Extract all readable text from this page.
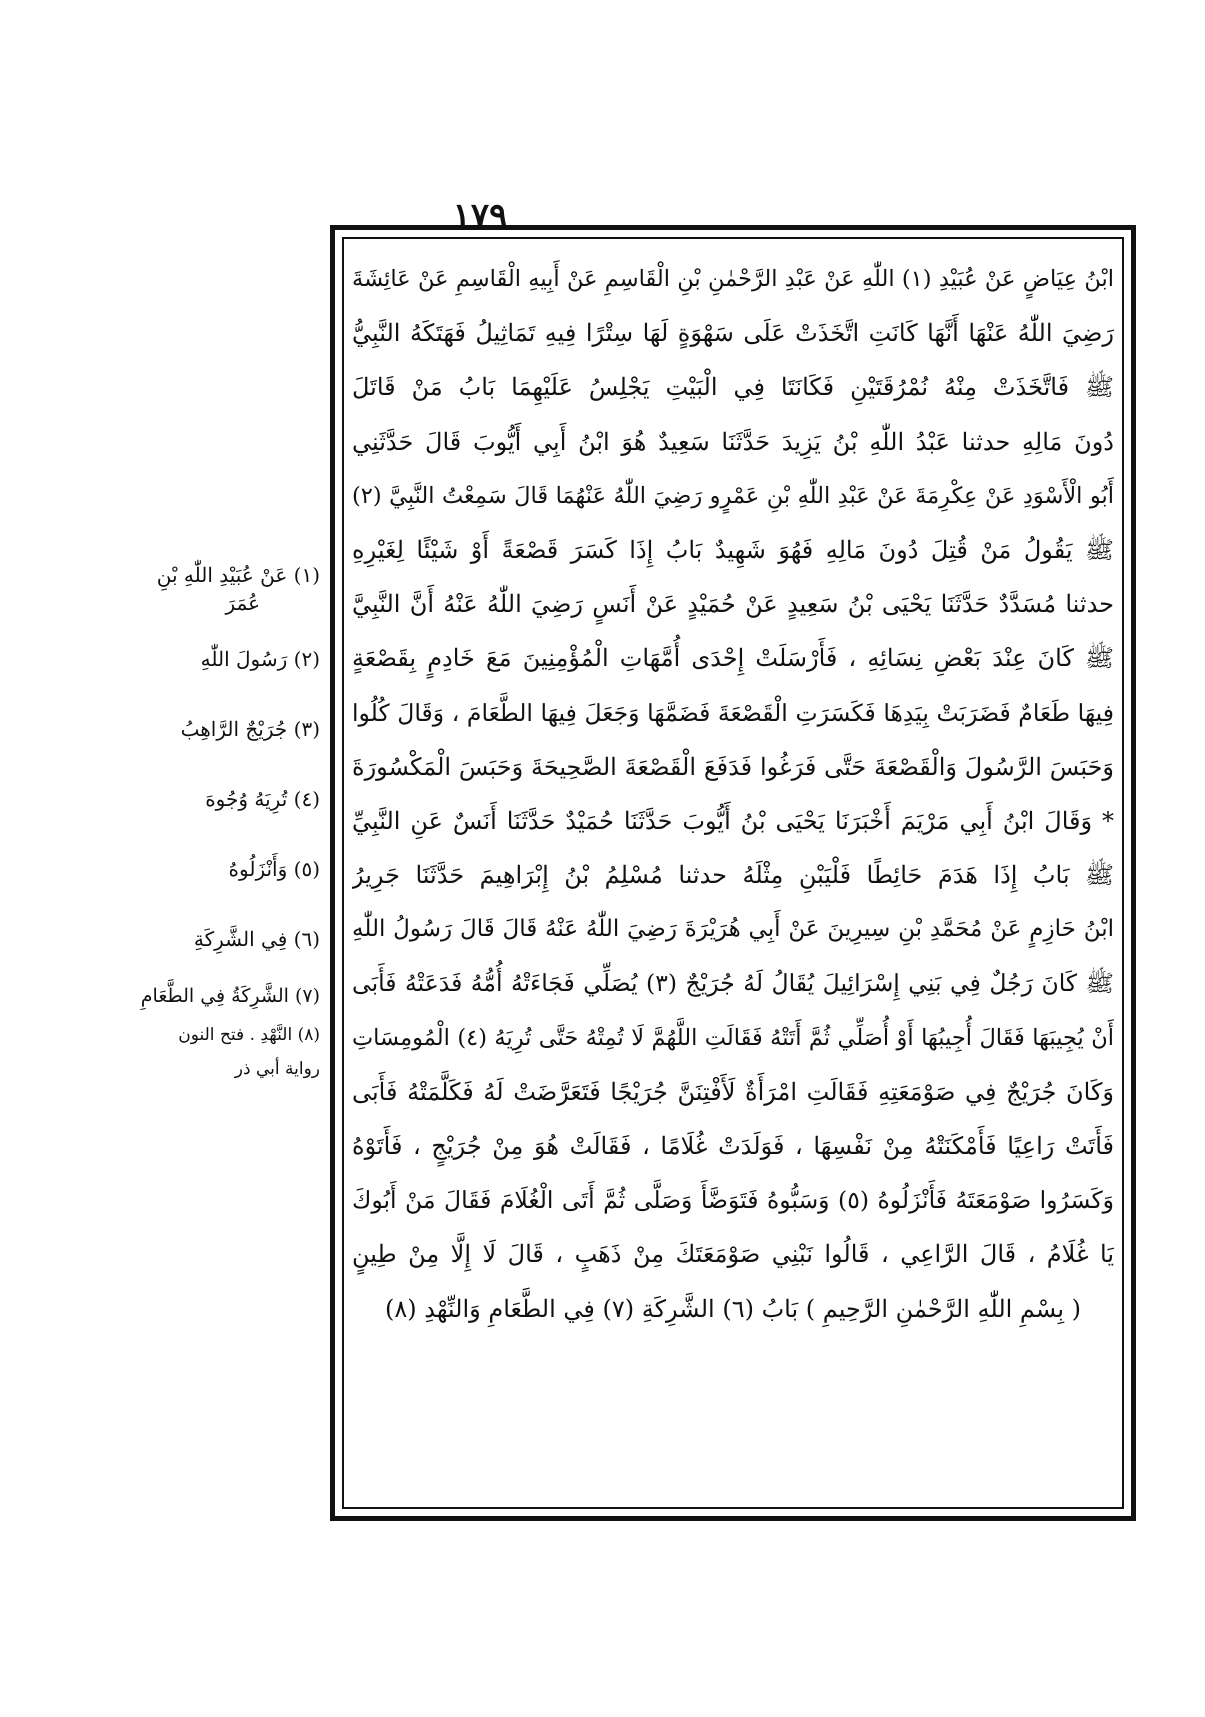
١٧٩
ابْنُ عِيَاضٍ عَنْ عُبَيْدِ (١) اللّٰهِ عَنْ عَبْدِ الرَّحْمٰنِ بْنِ الْقَاسِمِ عَنْ أَبِيهِ الْقَاسِمِ عَنْ عَائِشَةَ
رَضِيَ اللّٰهُ عَنْهَا أَنَّهَا كَانَتِ اتَّخَذَتْ عَلَى سَهْوَةٍ لَهَا سِتْرًا فِيهِ تَمَاثِيلُ فَهَتَكَهُ النَّبِيُّ
ﷺ فَاتَّخَذَتْ مِنْهُ نُمْرُقَتَيْنِ فَكَانَتَا فِي الْبَيْتِ يَجْلِسُ عَلَيْهِمَا بَابُ مَنْ قَاتَلَ
دُونَ مَالِهِ حدثنا عَبْدُ اللّٰهِ بْنُ يَزِيدَ حَدَّثَنَا سَعِيدٌ هُوَ ابْنُ أَبِي أَيُّوبَ قَالَ حَدَّثَنِي
أَبُو الْأَسْوَدِ عَنْ عِكْرِمَةَ عَنْ عَبْدِ اللّٰهِ بْنِ عَمْرٍو رَضِيَ اللّٰهُ عَنْهُمَا قَالَ سَمِعْتُ النَّبِيَّ (٢)
ﷺ يَقُولُ مَنْ قُتِلَ دُونَ مَالِهِ فَهُوَ شَهِيدٌ بَابُ إِذَا كَسَرَ قَصْعَةً أَوْ شَيْئًا لِغَيْرِهِ
حدثنا مُسَدَّدٌ حَدَّثَنَا يَحْيَى بْنُ سَعِيدٍ عَنْ حُمَيْدٍ عَنْ أَنَسٍ رَضِيَ اللّٰهُ عَنْهُ أَنَّ النَّبِيَّ
ﷺ كَانَ عِنْدَ بَعْضِ نِسَائِهِ ، فَأَرْسَلَتْ إِحْدَى أُمَّهَاتِ الْمُؤْمِنِينَ مَعَ خَادِمٍ بِقَصْعَةٍ
فِيهَا طَعَامٌ فَضَرَبَتْ بِيَدِهَا فَكَسَرَتِ الْقَصْعَةَ فَضَمَّهَا وَجَعَلَ فِيهَا الطَّعَامَ ، وَقَالَ كُلُوا
وَحَبَسَ الرَّسُولَ وَالْقَصْعَةَ حَتَّى فَرَغُوا فَدَفَعَ الْقَصْعَةَ الصَّحِيحَةَ وَحَبَسَ الْمَكْسُورَةَ
* وَقَالَ ابْنُ أَبِي مَرْيَمَ أَخْبَرَنَا يَحْيَى بْنُ أَيُّوبَ حَدَّثَنَا حُمَيْدٌ حَدَّثَنَا أَنَسٌ عَنِ النَّبِيِّ
ﷺ بَابُ إِذَا هَدَمَ حَائِطًا فَلْيَبْنِ مِثْلَهُ حدثنا مُسْلِمُ بْنُ إِبْرَاهِيمَ حَدَّثَنَا جَرِيرُ
ابْنُ حَازِمٍ عَنْ مُحَمَّدِ بْنِ سِيرِينَ عَنْ أَبِي هُرَيْرَةَ رَضِيَ اللّٰهُ عَنْهُ قَالَ قَالَ رَسُولُ اللّٰهِ
ﷺ كَانَ رَجُلٌ فِي بَنِي إِسْرَائِيلَ يُقَالُ لَهُ جُرَيْجٌ (٣) يُصَلِّي فَجَاءَتْهُ أُمُّهُ فَدَعَتْهُ فَأَبَى
أَنْ يُجِيبَهَا فَقَالَ أُجِيبُهَا أَوْ أُصَلِّي ثُمَّ أَتَتْهُ فَقَالَتِ اللَّهُمَّ لَا تُمِتْهُ حَتَّى تُرِيَهُ (٤) الْمُومِسَاتِ
وَكَانَ جُرَيْجٌ فِي صَوْمَعَتِهِ فَقَالَتِ امْرَأَةٌ لَأَفْتِنَنَّ جُرَيْجًا فَتَعَرَّضَتْ لَهُ فَكَلَّمَتْهُ فَأَبَى
فَأَتَتْ رَاعِيًا فَأَمْكَنَتْهُ مِنْ نَفْسِهَا ، فَوَلَدَتْ غُلَامًا ، فَقَالَتْ هُوَ مِنْ جُرَيْجٍ ، فَأَتَوْهُ
وَكَسَرُوا صَوْمَعَتَهُ فَأَنْزَلُوهُ (٥) وَسَبُّوهُ فَتَوَضَّأَ وَصَلَّى ثُمَّ أَتَى الْغُلَامَ فَقَالَ مَنْ أَبُوكَ
يَا غُلَامُ ، قَالَ الرَّاعِي ، قَالُوا نَبْنِي صَوْمَعَتَكَ مِنْ ذَهَبٍ ، قَالَ لَا إِلَّا مِنْ طِينٍ
( بِسْمِ اللّٰهِ الرَّحْمٰنِ الرَّحِيمِ ) بَابُ (٦) الشَّرِكَةِ (٧) فِي الطَّعَامِ وَالنِّهْدِ (٨)
(١) عَنْ عُبَيْدِ اللّٰهِ بْنِ
عُمَرَ
(٢) رَسُولَ اللّٰهِ
(٣) جُرَيْجٌ الرَّاهِبُ
(٤) تُرِيَهُ وُجُوهَ
(٥) وَأَنْزَلُوهُ
(٦) فِي الشَّرِكَةِ
(٧) الشَّرِكَةُ فِي الطَّعَامِ
(٨) النَّهْدِ . فتح النون
رواية أبي ذر
